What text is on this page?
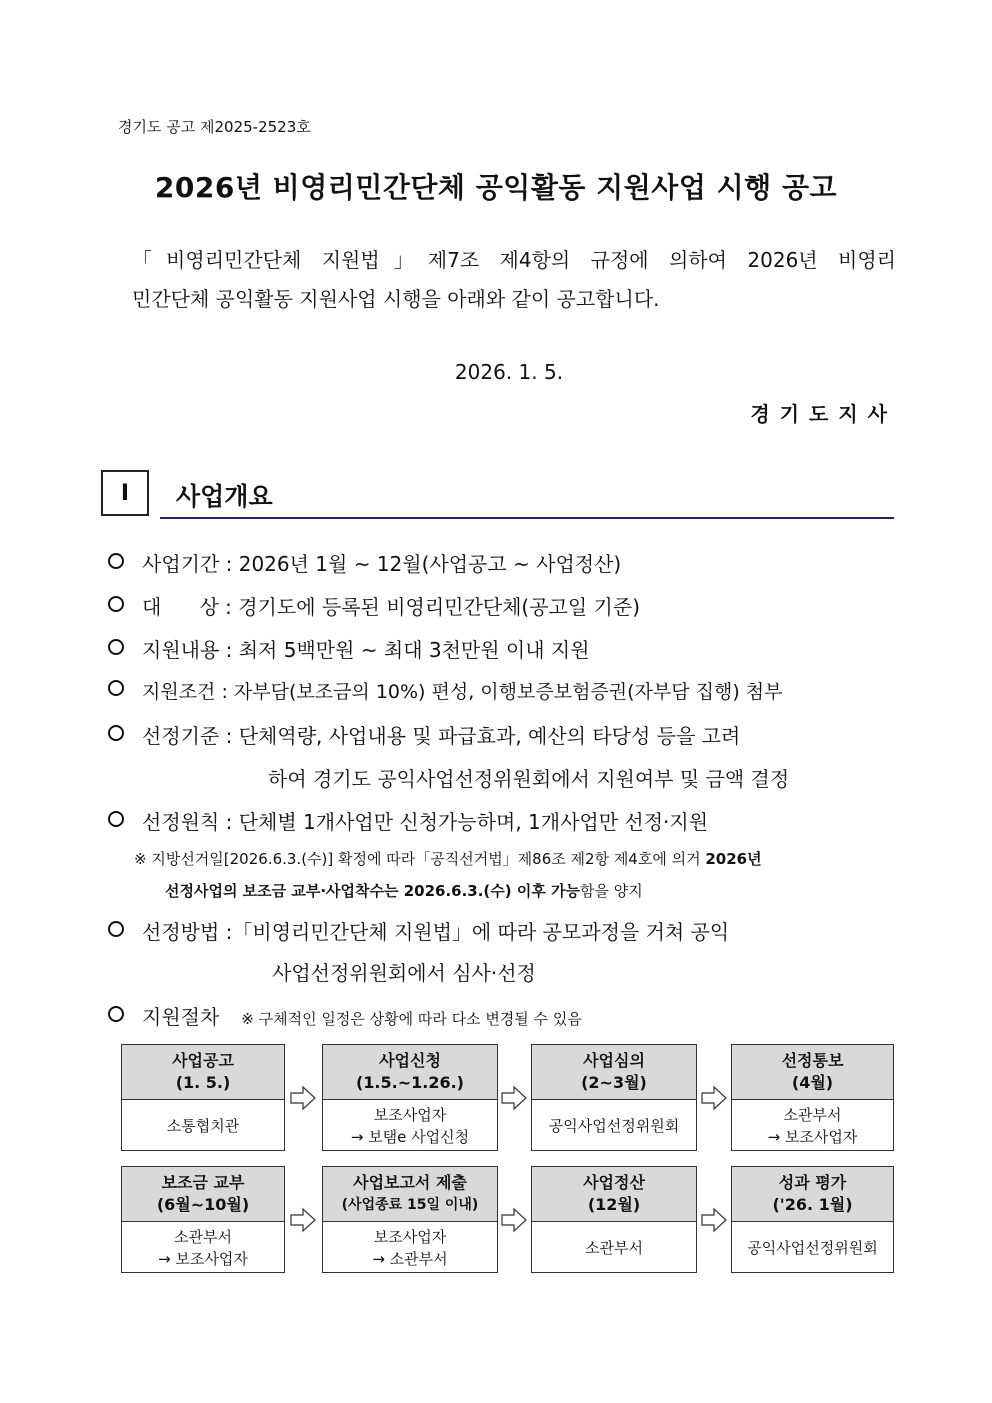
경기도 공고 제2025-2523호
2026년 비영리민간단체 공익활동 지원사업 시행 공고
「비영리민간단체 지원법」제7조 제4항의 규정에 의하여 2026년 비영리
민간단체 공익활동 지원사업 시행을 아래와 같이 공고합니다.
2026. 1. 5.
경기도지사
I 사업개요
사업기간 : 2026년 1월 ~ 12월(사업공고 ~ 사업정산)
대      상 : 경기도에 등록된 비영리민간단체(공고일 기준)
지원내용 : 최저 5백만원 ~ 최대 3천만원 이내 지원
지원조건 : 자부담(보조금의 10%) 편성, 이행보증보험증권(자부담 집행) 첨부
선정기준 : 단체역량, 사업내용 및 파급효과, 예산의 타당성 등을 고려
하여 경기도 공익사업선정위원회에서 지원여부 및 금액 결정
선정원칙 : 단체별 1개사업만 신청가능하며, 1개사업만 선정·지원
※ 지방선거일[2026.6.3.(수)] 확정에 따라「공직선거법」제86조 제2항 제4호에 의거 2026년
선정사업의 보조금 교부·사업착수는 2026.6.3.(수) 이후 가능함을 양지
선정방법 :「비영리민간단체 지원법」에 따라 공모과정을 거쳐 공익
사업선정위원회에서 심사·선정
지원절차 ※ 구체적인 일정은 상황에 따라 다소 변경될 수 있음
사업공고
(1. 5.)
소통협치관
사업신청
(1.5.~1.26.)
보조사업자
→ 보탬e 사업신청
사업심의
(2~3월)
공익사업선정위원회
선정통보
(4월)
소관부서
→ 보조사업자
보조금 교부
(6월~10월)
소관부서
→ 보조사업자
사업보고서 제출
(사업종료 15일 이내)
보조사업자
→ 소관부서
사업정산
(12월)
소관부서
성과 평가
('26. 1월)
공익사업선정위원회
